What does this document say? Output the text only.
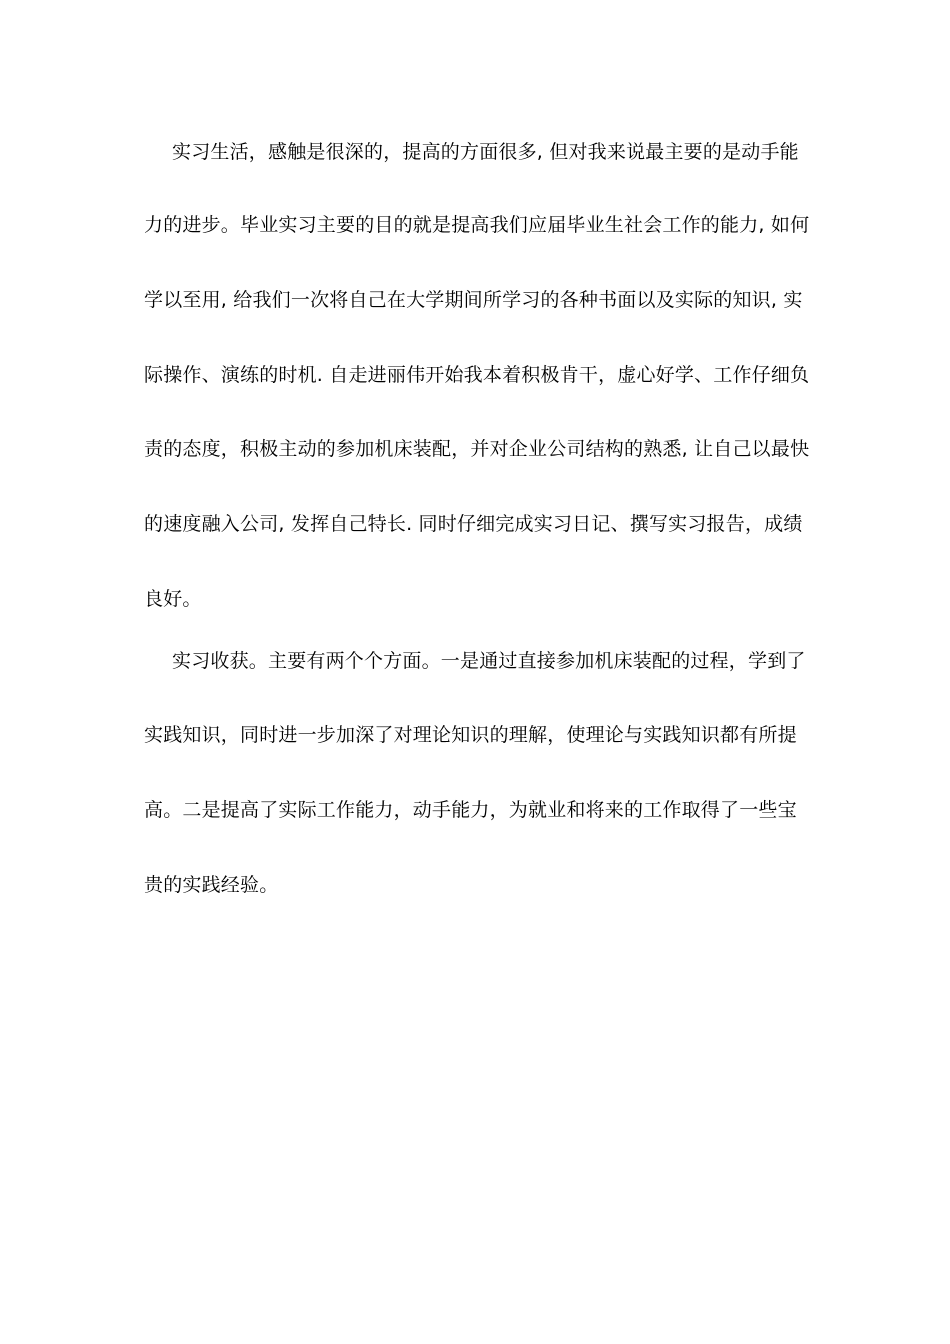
实习生活，感触是很深的，提高的方面很多, 但对我来说最主要的是动手能
力的进步。毕业实习主要的目的就是提高我们应届毕业生社会工作的能力, 如何
学以至用, 给我们一次将自己在大学期间所学习的各种书面以及实际的知识, 实
际操作、演练的时机. 自走进丽伟开始我本着积极肯干，虚心好学、工作仔细负
责的态度，积极主动的参加机床装配，并对企业公司结构的熟悉, 让自己以最快
的速度融入公司, 发挥自己特长. 同时仔细完成实习日记、撰写实习报告，成绩
良好。
实习收获。主要有两个个方面。一是通过直接参加机床装配的过程，学到了
实践知识，同时进一步加深了对理论知识的理解，使理论与实践知识都有所提
高。二是提高了实际工作能力，动手能力，为就业和将来的工作取得了一些宝
贵的实践经验。
